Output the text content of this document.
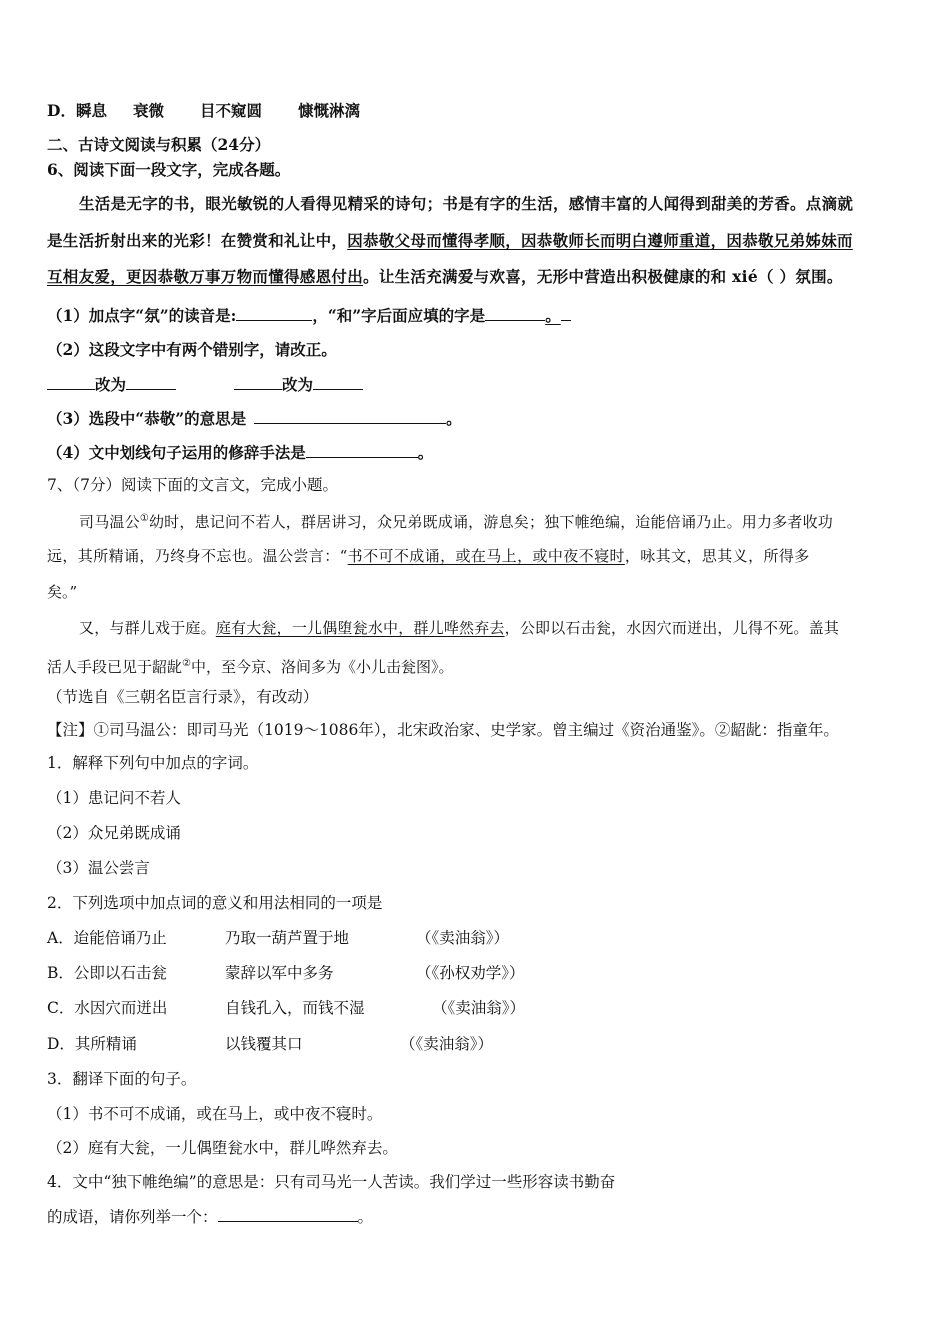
D．瞬息 衰微 目不窥圆 慷慨淋漓
二、古诗文阅读与积累（24分）
6、阅读下面一段文字，完成各题。
生活是无字的书，眼光敏锐的人看得见精采的诗句；书是有字的生活，感情丰富的人闻得到甜美的芳香。点滴就
是生活折射出来的光彩！在赞赏和礼让中，因恭敬父母而懂得孝顺，因恭敬师长而明白遵师重道，因恭敬兄弟姊妹而
互相友爱，更因恭敬万事万物而懂得感恩付出。让生活充满爱与欢喜，无形中营造出积极健康的和 xié（ ）氛围。
（1）加点字“氛”的读音是:	，“和”字后面应填的字是	。
（2）这段文字中有两个错别字，请改正。
改为	改为
（3）选段中“恭敬”的意思是	。
（4）文中划线句子运用的修辞手法是	。
7、（7分）阅读下面的文言文，完成小题。
司马温公①幼时，患记问不若人，群居讲习，众兄弟既成诵，游息矣；独下帷绝编，迨能倍诵乃止。用力多者收功
远，其所精诵，乃终身不忘也。温公尝言：“书不可不成诵，或在马上，或中夜不寝时，咏其文，思其义，所得多
矣。”
又，与群儿戏于庭。庭有大瓮，一儿偶堕瓮水中，群儿哗然弃去，公即以石击瓮，水因穴而迸出，儿得不死。盖其
活人手段已见于龆龀②中，至今京、洛间多为《小儿击瓮图》。
（节选自《三朝名臣言行录》，有改动）
【注】①司马温公：即司马光（1019～1086年），北宋政治家、史学家。曾主编过《资治通鉴》。②龆龀：指童年。
1．解释下列句中加点的字词。
（1）患记问不若人
（2）众兄弟既成诵
（3）温公尝言
2．下列选项中加点词的意义和用法相同的一项是
A．迨能倍诵乃止	乃取一葫芦置于地	（《卖油翁》）
B．公即以石击瓮	蒙辞以军中多务	（《孙权劝学》）
C．水因穴而迸出	自钱孔入，而钱不湿	（《卖油翁》）
D．其所精诵	以钱覆其口	（《卖油翁》）
3．翻译下面的句子。
（1）书不可不成诵，或在马上，或中夜不寝时。
（2）庭有大瓮，一儿偶堕瓮水中，群儿哗然弃去。
4．文中“独下帷绝编”的意思是：只有司马光一人苦读。我们学过一些形容读书勤奋
的成语，请你列举一个：	。
